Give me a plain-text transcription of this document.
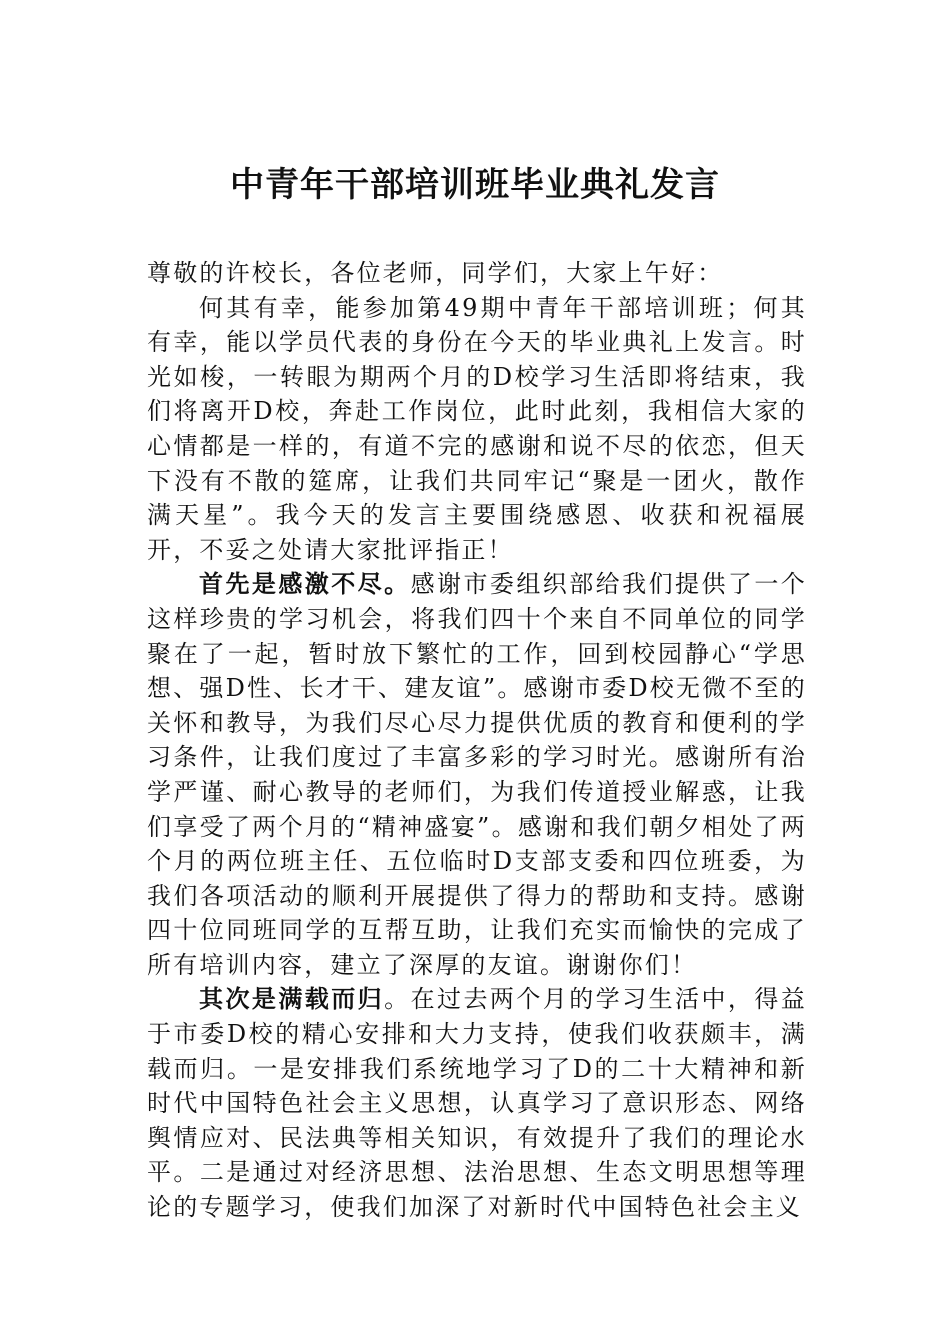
中青年干部培训班毕业典礼发言

尊敬的许校长，各位老师，同学们，大家上午好：

何其有幸，能参加第49期中青年干部培训班；何其有幸，能以学员代表的身份在今天的毕业典礼上发言。时光如梭，一转眼为期两个月的D校学习生活即将结束，我们将离开D校，奔赴工作岗位，此时此刻，我相信大家的心情都是一样的，有道不完的感谢和说不尽的依恋，但天下没有不散的筵席，让我们共同牢记“聚是一团火，散作满天星”。我今天的发言主要围绕感恩、收获和祝福展开，不妥之处请大家批评指正！

首先是感激不尽。感谢市委组织部给我们提供了一个这样珍贵的学习机会，将我们四十个来自不同单位的同学聚在了一起，暂时放下繁忙的工作，回到校园静心“学思想、强D性、长才干、建友谊”。感谢市委D校无微不至的关怀和教导，为我们尽心尽力提供优质的教育和便利的学习条件，让我们度过了丰富多彩的学习时光。感谢所有治学严谨、耐心教导的老师们，为我们传道授业解惑，让我们享受了两个月的“精神盛宴”。感谢和我们朝夕相处了两个月的两位班主任、五位临时D支部支委和四位班委，为我们各项活动的顺利开展提供了得力的帮助和支持。感谢四十位同班同学的互帮互助，让我们充实而愉快的完成了所有培训内容，建立了深厚的友谊。谢谢你们！

其次是满载而归。在过去两个月的学习生活中，得益于市委D校的精心安排和大力支持，使我们收获颇丰，满载而归。一是安排我们系统地学习了D的二十大精神和新时代中国特色社会主义思想，认真学习了意识形态、网络舆情应对、民法典等相关知识，有效提升了我们的理论水平。二是通过对经济思想、法治思想、生态文明思想等理论的专题学习，使我们加深了对新时代中国特色社会主义
